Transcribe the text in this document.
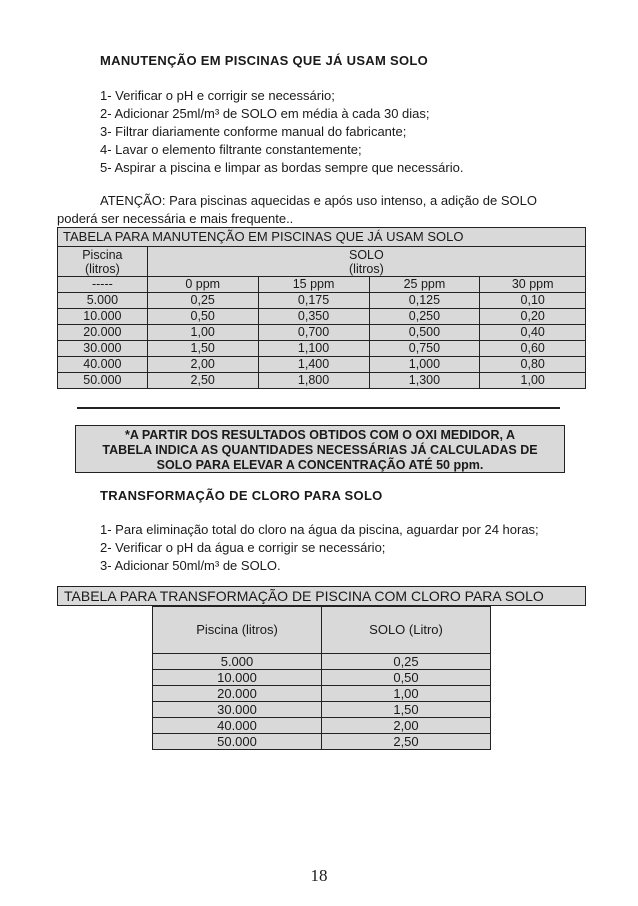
MANUTENÇÃO EM PISCINAS QUE JÁ USAM SOLO
1- Verificar o pH e corrigir se necessário;
2- Adicionar 25ml/m³ de SOLO em média à cada 30 dias;
3- Filtrar diariamente conforme manual do fabricante;
4- Lavar o elemento filtrante constantemente;
5- Aspirar a piscina e limpar as bordas sempre que necessário.
ATENÇÃO: Para piscinas aquecidas e após uso intenso, a adição de SOLO
poderá ser necessária e mais frequente..
TABELA PARA MANUTENÇÃO EM PISCINAS QUE JÁ USAM SOLO				
Piscina
(litros)	SOLO
(litros)			
-----	0 ppm	15 ppm	25 ppm	30 ppm
5.000	0,25	0,175	0,125	0,10
10.000	0,50	0,350	0,250	0,20
20.000	1,00	0,700	0,500	0,40
30.000	1,50	1,100	0,750	0,60
40.000	2,00	1,400	1,000	0,80
50.000	2,50	1,800	1,300	1,00
*A PARTIR DOS RESULTADOS OBTIDOS COM O OXI MEDIDOR, A
TABELA INDICA AS QUANTIDADES NECESSÁRIAS JÁ CALCULADAS DE
SOLO PARA ELEVAR A CONCENTRAÇÃO ATÉ 50 ppm.
TRANSFORMAÇÃO DE CLORO PARA SOLO
1- Para eliminação total do cloro na água da piscina, aguardar por 24 horas;
2- Verificar o pH da água e corrigir se necessário;
3- Adicionar 50ml/m³ de SOLO.
TABELA PARA TRANSFORMAÇÃO DE PISCINA COM CLORO PARA SOLO
Piscina (litros)	SOLO (Litro)
5.000	0,25
10.000	0,50
20.000	1,00
30.000	1,50
40.000	2,00
50.000	2,50
18
